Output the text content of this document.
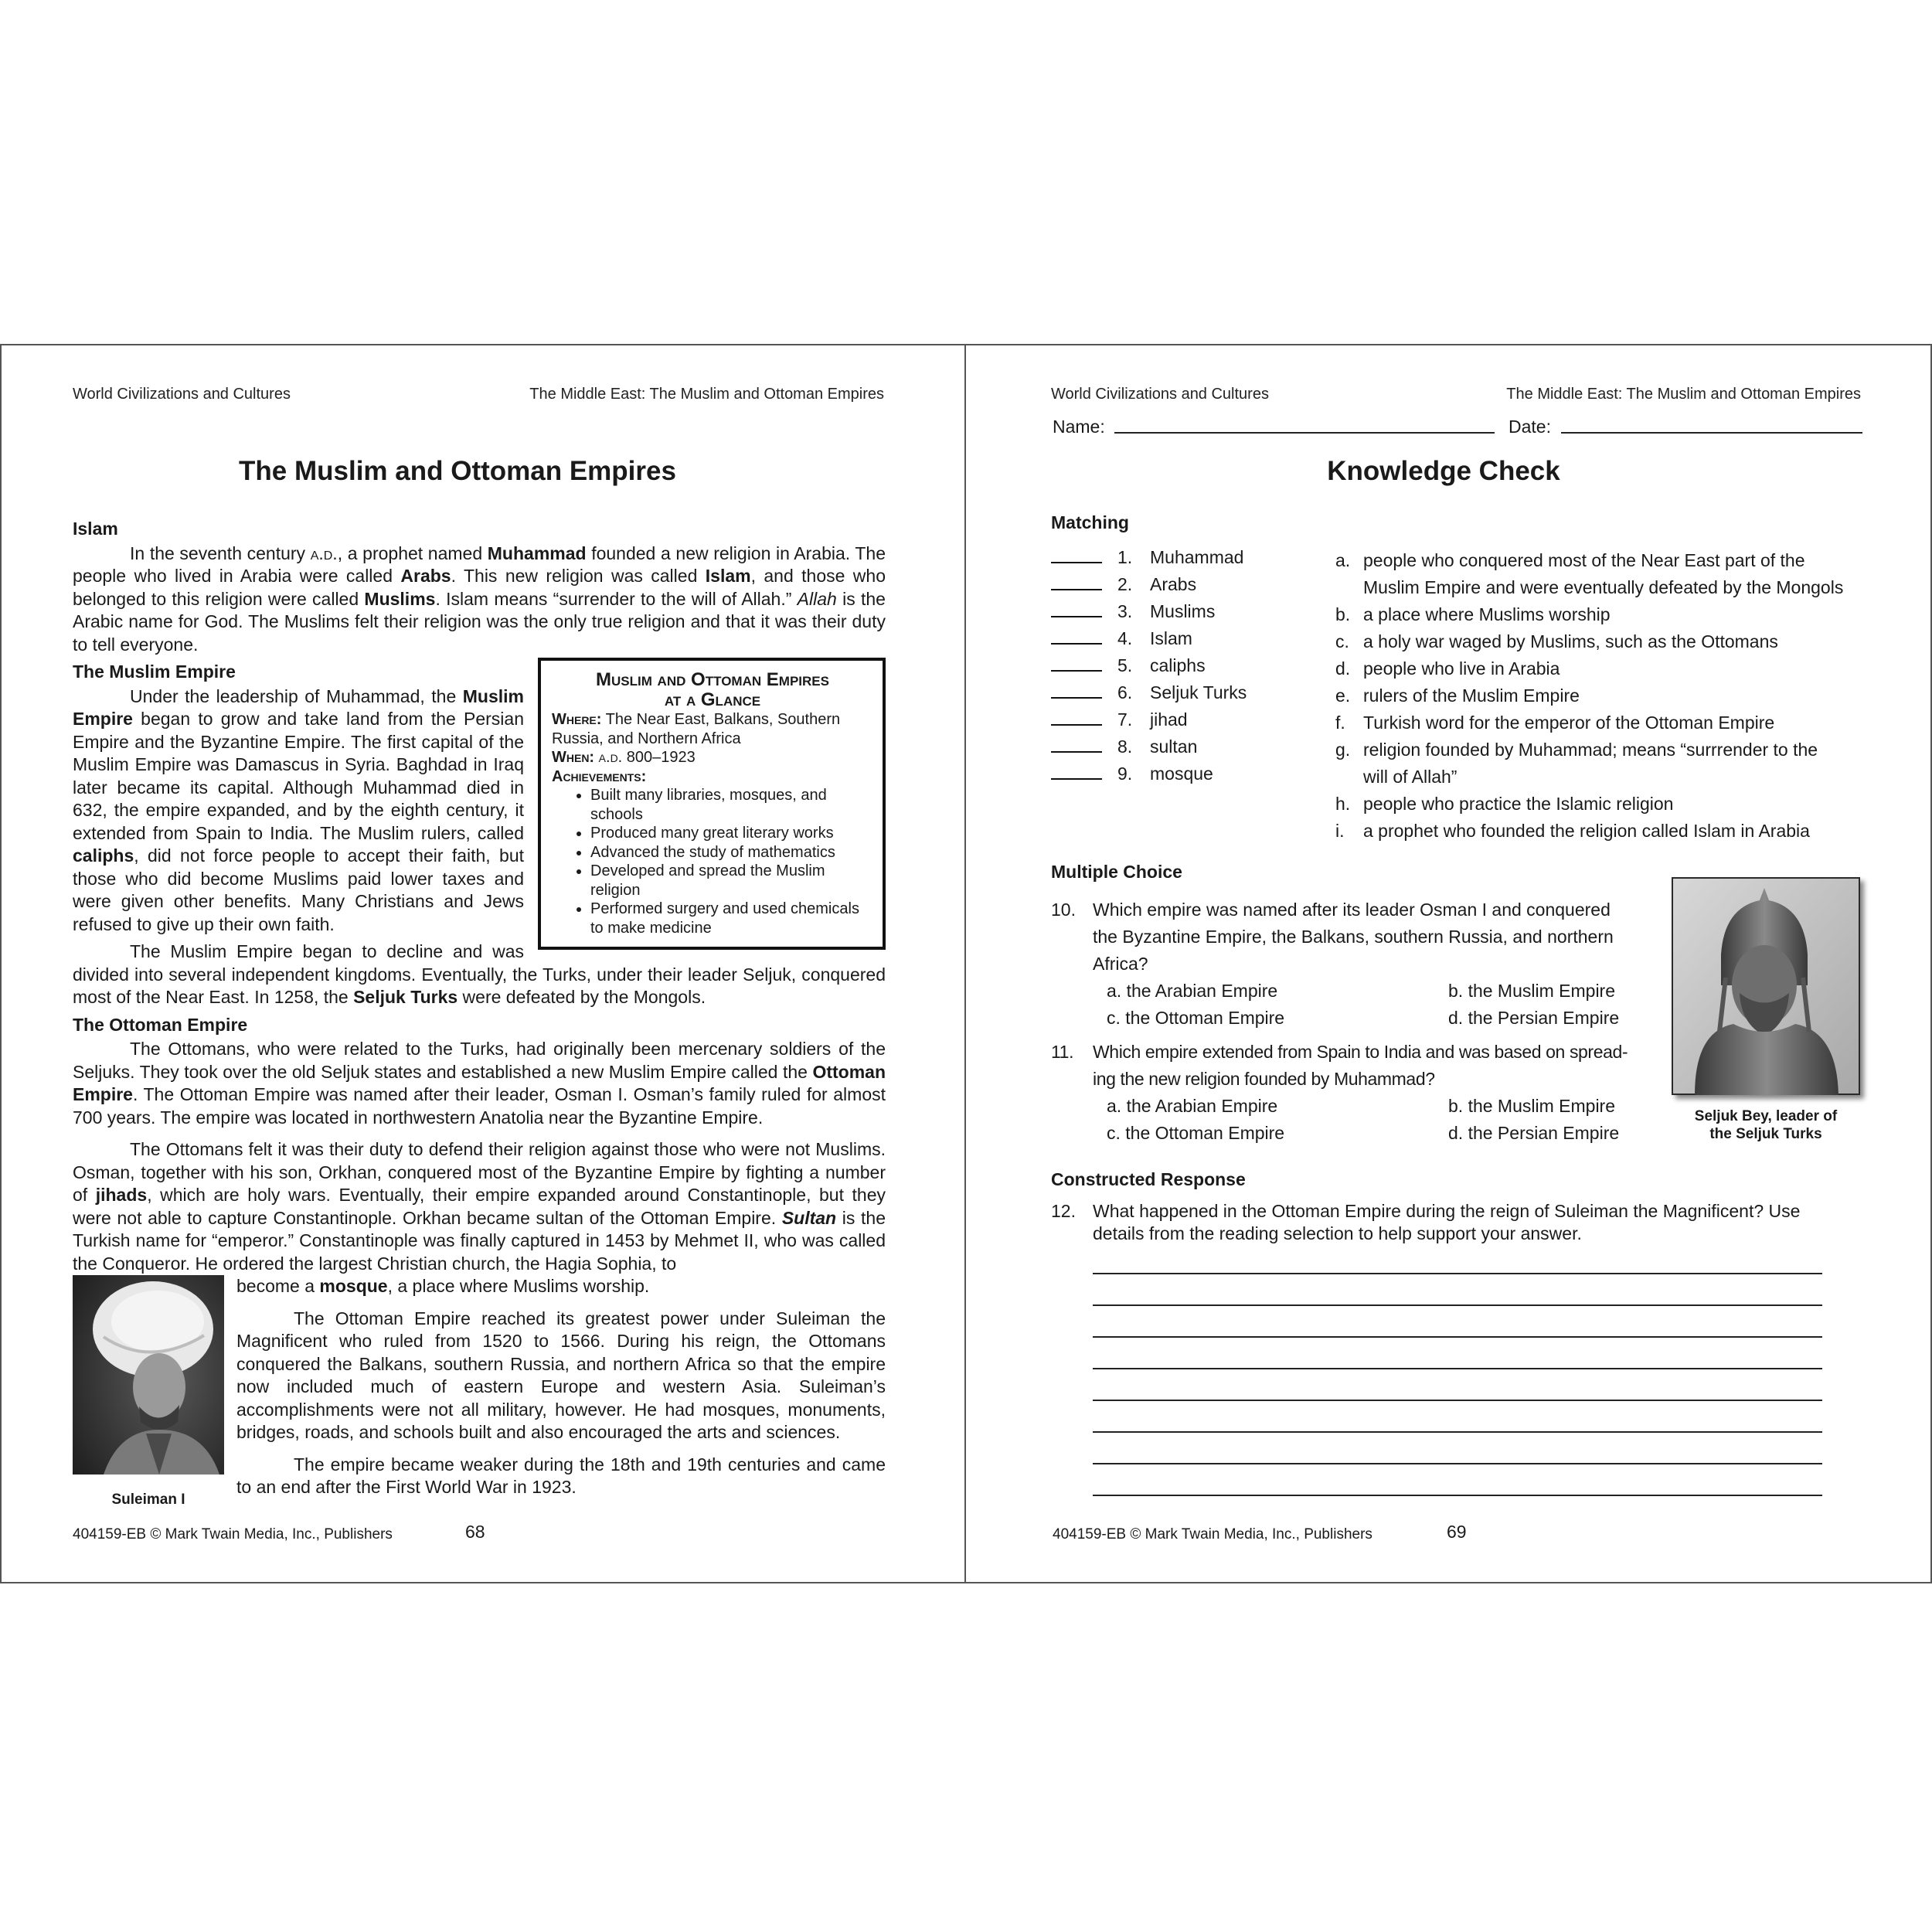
World Civilizations and Cultures	The Middle East: The Muslim and Ottoman Empires
The Muslim and Ottoman Empires
Islam

In the seventh century a.d., a prophet named Muhammad founded a new religion in Arabia. The people who lived in Arabia were called Arabs. This new religion was called Islam, and those who belonged to this religion were called Muslims. Islam means “surrender to the will of Allah.” Allah is the Arabic name for God. The Muslims felt their religion was the only true religion and that it was their duty to tell everyone.

Muslim and Ottoman Empires
at a Glance
Where: The Near East, Balkans, Southern Russia, and Northern Africa
When: a.d. 800–1923
Achievements:
• Built many libraries, mosques, and schools
• Produced many great literary works
• Advanced the study of mathematics
• Developed and spread the Muslim religion
• Performed surgery and used chemicals to make medicine
The Muslim Empire

Under the leadership of Muhammad, the Muslim Empire began to grow and take land from the Persian Empire and the Byzantine Empire. The first capital of the Muslim Empire was Damascus in Syria. Baghdad in Iraq later became its capital. Although Muhammad died in 632, the empire expanded, and by the eighth century, it extended from Spain to India. The Muslim rulers, called caliphs, did not force people to accept their faith, but those who did become Muslims paid lower taxes and were given other benefits. Many Christians and Jews refused to give up their own faith.

The Muslim Empire began to decline and was divided into several independent kingdoms. Eventually, the Turks, under their leader Seljuk, conquered most of the Near East. In 1258, the Seljuk Turks were defeated by the Mongols.

The Ottoman Empire

The Ottomans, who were related to the Turks, had originally been mercenary soldiers of the Seljuks. They took over the old Seljuk states and established a new Muslim Empire called the Ottoman Empire. The Ottoman Empire was named after their leader, Osman I. Osman’s family ruled for almost 700 years. The empire was located in northwestern Anatolia near the Byzantine Empire.

The Ottomans felt it was their duty to defend their religion against those who were not Muslims. Osman, together with his son, Orkhan, conquered most of the Byzantine Empire by fighting a number of jihads, which are holy wars. Eventually, their empire expanded around Constantinople, but they were not able to capture Constantinople. Orkhan became sultan of the Ottoman Empire. Sultan is the Turkish name for “emperor.” Constantinople was finally captured in 1453 by Mehmet II, who was called the Conqueror. He ordered the largest Christian church, the Hagia Sophia, to

Suleiman I

become a mosque, a place where Muslims worship.

The Ottoman Empire reached its greatest power under Suleiman the Magnificent who ruled from 1520 to 1566. During his reign, the Ottomans conquered the Balkans, southern Russia, and northern Africa so that the empire now included much of eastern Europe and western Asia. Suleiman’s accomplishments were not all military, however. He had mosques, monuments, bridges, roads, and schools built and also encouraged the arts and sciences.

The empire became weaker during the 18th and 19th centuries and came to an end after the First World War in 1923.

404159-EB © Mark Twain Media, Inc., Publishers	68
World Civilizations and Cultures	The Middle East: The Muslim and Ottoman Empires
Name:	Date:
Knowledge Check
Matching
1. Muhammad
2. Arabs
3. Muslims
4. Islam
5. caliphs
6. Seljuk Turks
7. jihad
8. sultan
9. mosque
a. people who conquered most of the Near East part of the
Muslim Empire and were eventually defeated by the Mongols
b. a place where Muslims worship
c. a holy war waged by Muslims, such as the Ottomans
d. people who live in Arabia
e. rulers of the Muslim Empire
f. Turkish word for the emperor of the Ottoman Empire
g. religion founded by Muhammad; means “surrrender to the
will of Allah”
h. people who practice the Islamic religion
i. a prophet who founded the religion called Islam in Arabia
Multiple Choice
10. Which empire was named after its leader Osman I and conquered
the Byzantine Empire, the Balkans, southern Russia, and northern
Africa?
a. the Arabian Empire	b. the Muslim Empire
c. the Ottoman Empire	d. the Persian Empire
11. Which empire extended from Spain to India and was based on spread-
ing the new religion founded by Muhammad?
a. the Arabian Empire	b. the Muslim Empire
c. the Ottoman Empire	d. the Persian Empire
Seljuk Bey, leader of
the Seljuk Turks
Constructed Response
12. What happened in the Ottoman Empire during the reign of Suleiman the Magnificent? Use
details from the reading selection to help support your answer.
404159-EB © Mark Twain Media, Inc., Publishers	69
